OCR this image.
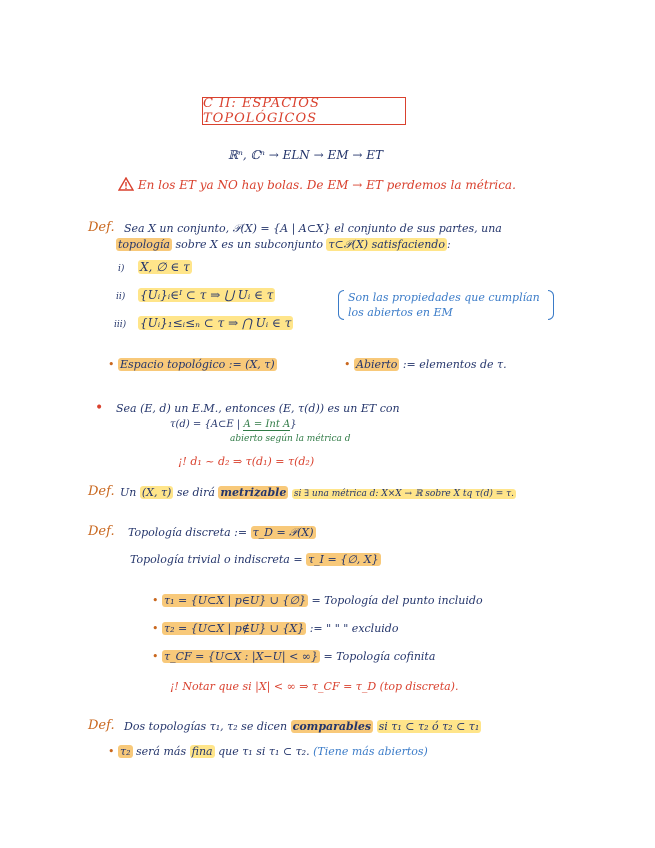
C II: ESPACIOS TOPOLÓGICOS
ℝⁿ, ℂⁿ → ELN → EM → ET
En los ET ya NO hay bolas. De EM → ET perdemos la métrica.
Def. Sea X un conjunto, 𝒫(X) = {A | A⊂X} el conjunto de sus partes, una
topología sobre X es un subconjunto τ⊂𝒫(X) satisfaciendo :
i) X, ∅ ∈ τ
ii) {Uᵢ}ᵢ∈ᴵ ⊂ τ ⇒ ⋃ Uᵢ ∈ τ
iii) {Uᵢ}₁≤ᵢ≤ₙ ⊂ τ ⇒ ⋂ Uᵢ ∈ τ
Son las propiedades que cumplían
los abiertos en EM
• Espacio topológico := (X, τ)	• Abierto := elementos de τ.
• Sea (E, d) un E.M., entonces (E, τ(d)) es un ET con
τ(d) = {A⊂E | A = Int A}
abierto según la métrica d
¡! d₁ ~ d₂ ⇒ τ(d₁) = τ(d₂)
Def. Un (X, τ) se dirá metrizable si ∃ una métrica d: X×X → ℝ sobre X tq τ(d) = τ.
Def. Topología discreta := τ_D = 𝒫(X)
Topología trivial o indiscreta = τ_I = {∅, X}
• τ₁ = {U⊂X | p∈U} ∪ {∅} = Topología del punto incluido
• τ₂ = {U⊂X | p∉U} ∪ {X} := " " " excluido
• τ_CF = {U⊂X : |X−U| < ∞} = Topología cofinita
¡! Notar que si |X| < ∞ ⇒ τ_CF = τ_D (top discreta).
Def. Dos topologías τ₁, τ₂ se dicen comparables si τ₁ ⊂ τ₂ ó τ₂ ⊂ τ₁
• τ₂ será más fina que τ₁ si τ₁ ⊂ τ₂. (Tiene más abiertos)
